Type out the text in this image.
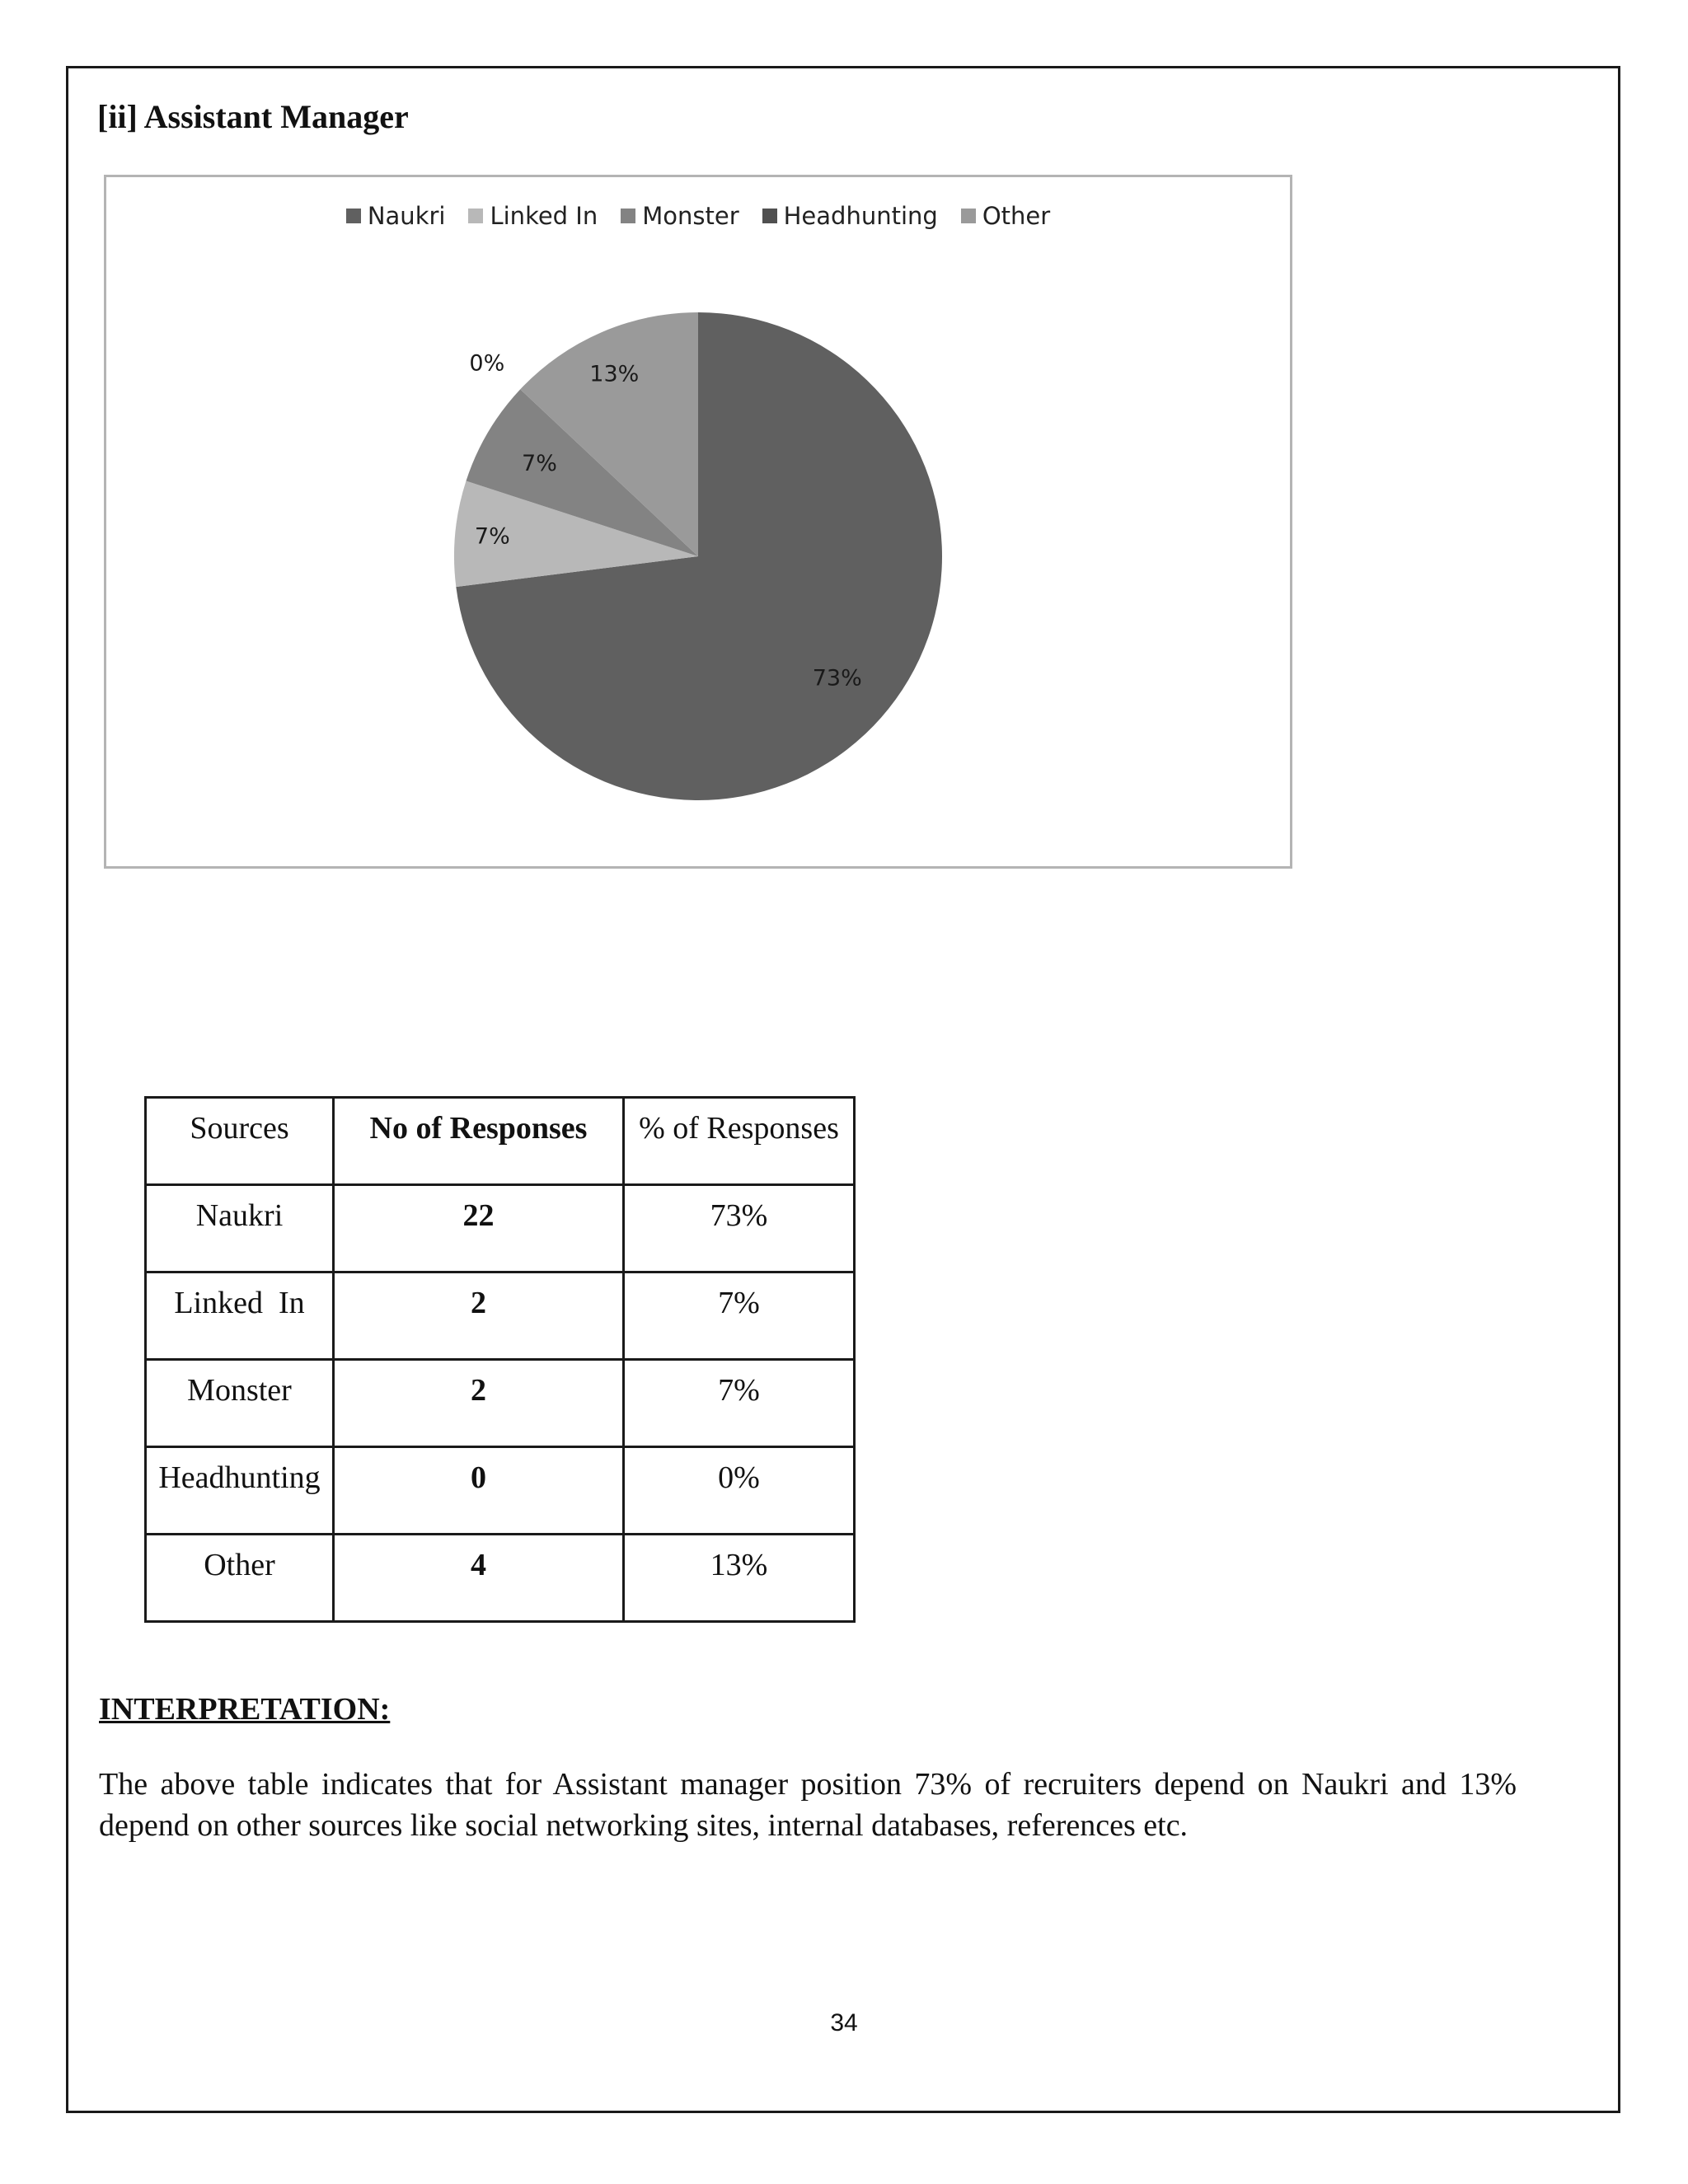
[ii] Assistant Manager
Naukri Linked In Monster Headhunting Other
73%
7%
7%
0%	13%
Sources	No of Responses	% of Responses
Naukri	22	73%
Linked  In	2	7%
Monster	2	7%
Headhunting	0	0%
Other	4	13%
INTERPRETATION:
The above table indicates that for Assistant manager position 73% of recruiters depend on Naukri and 13% depend on other sources like social networking sites, internal databases, references etc.
34
